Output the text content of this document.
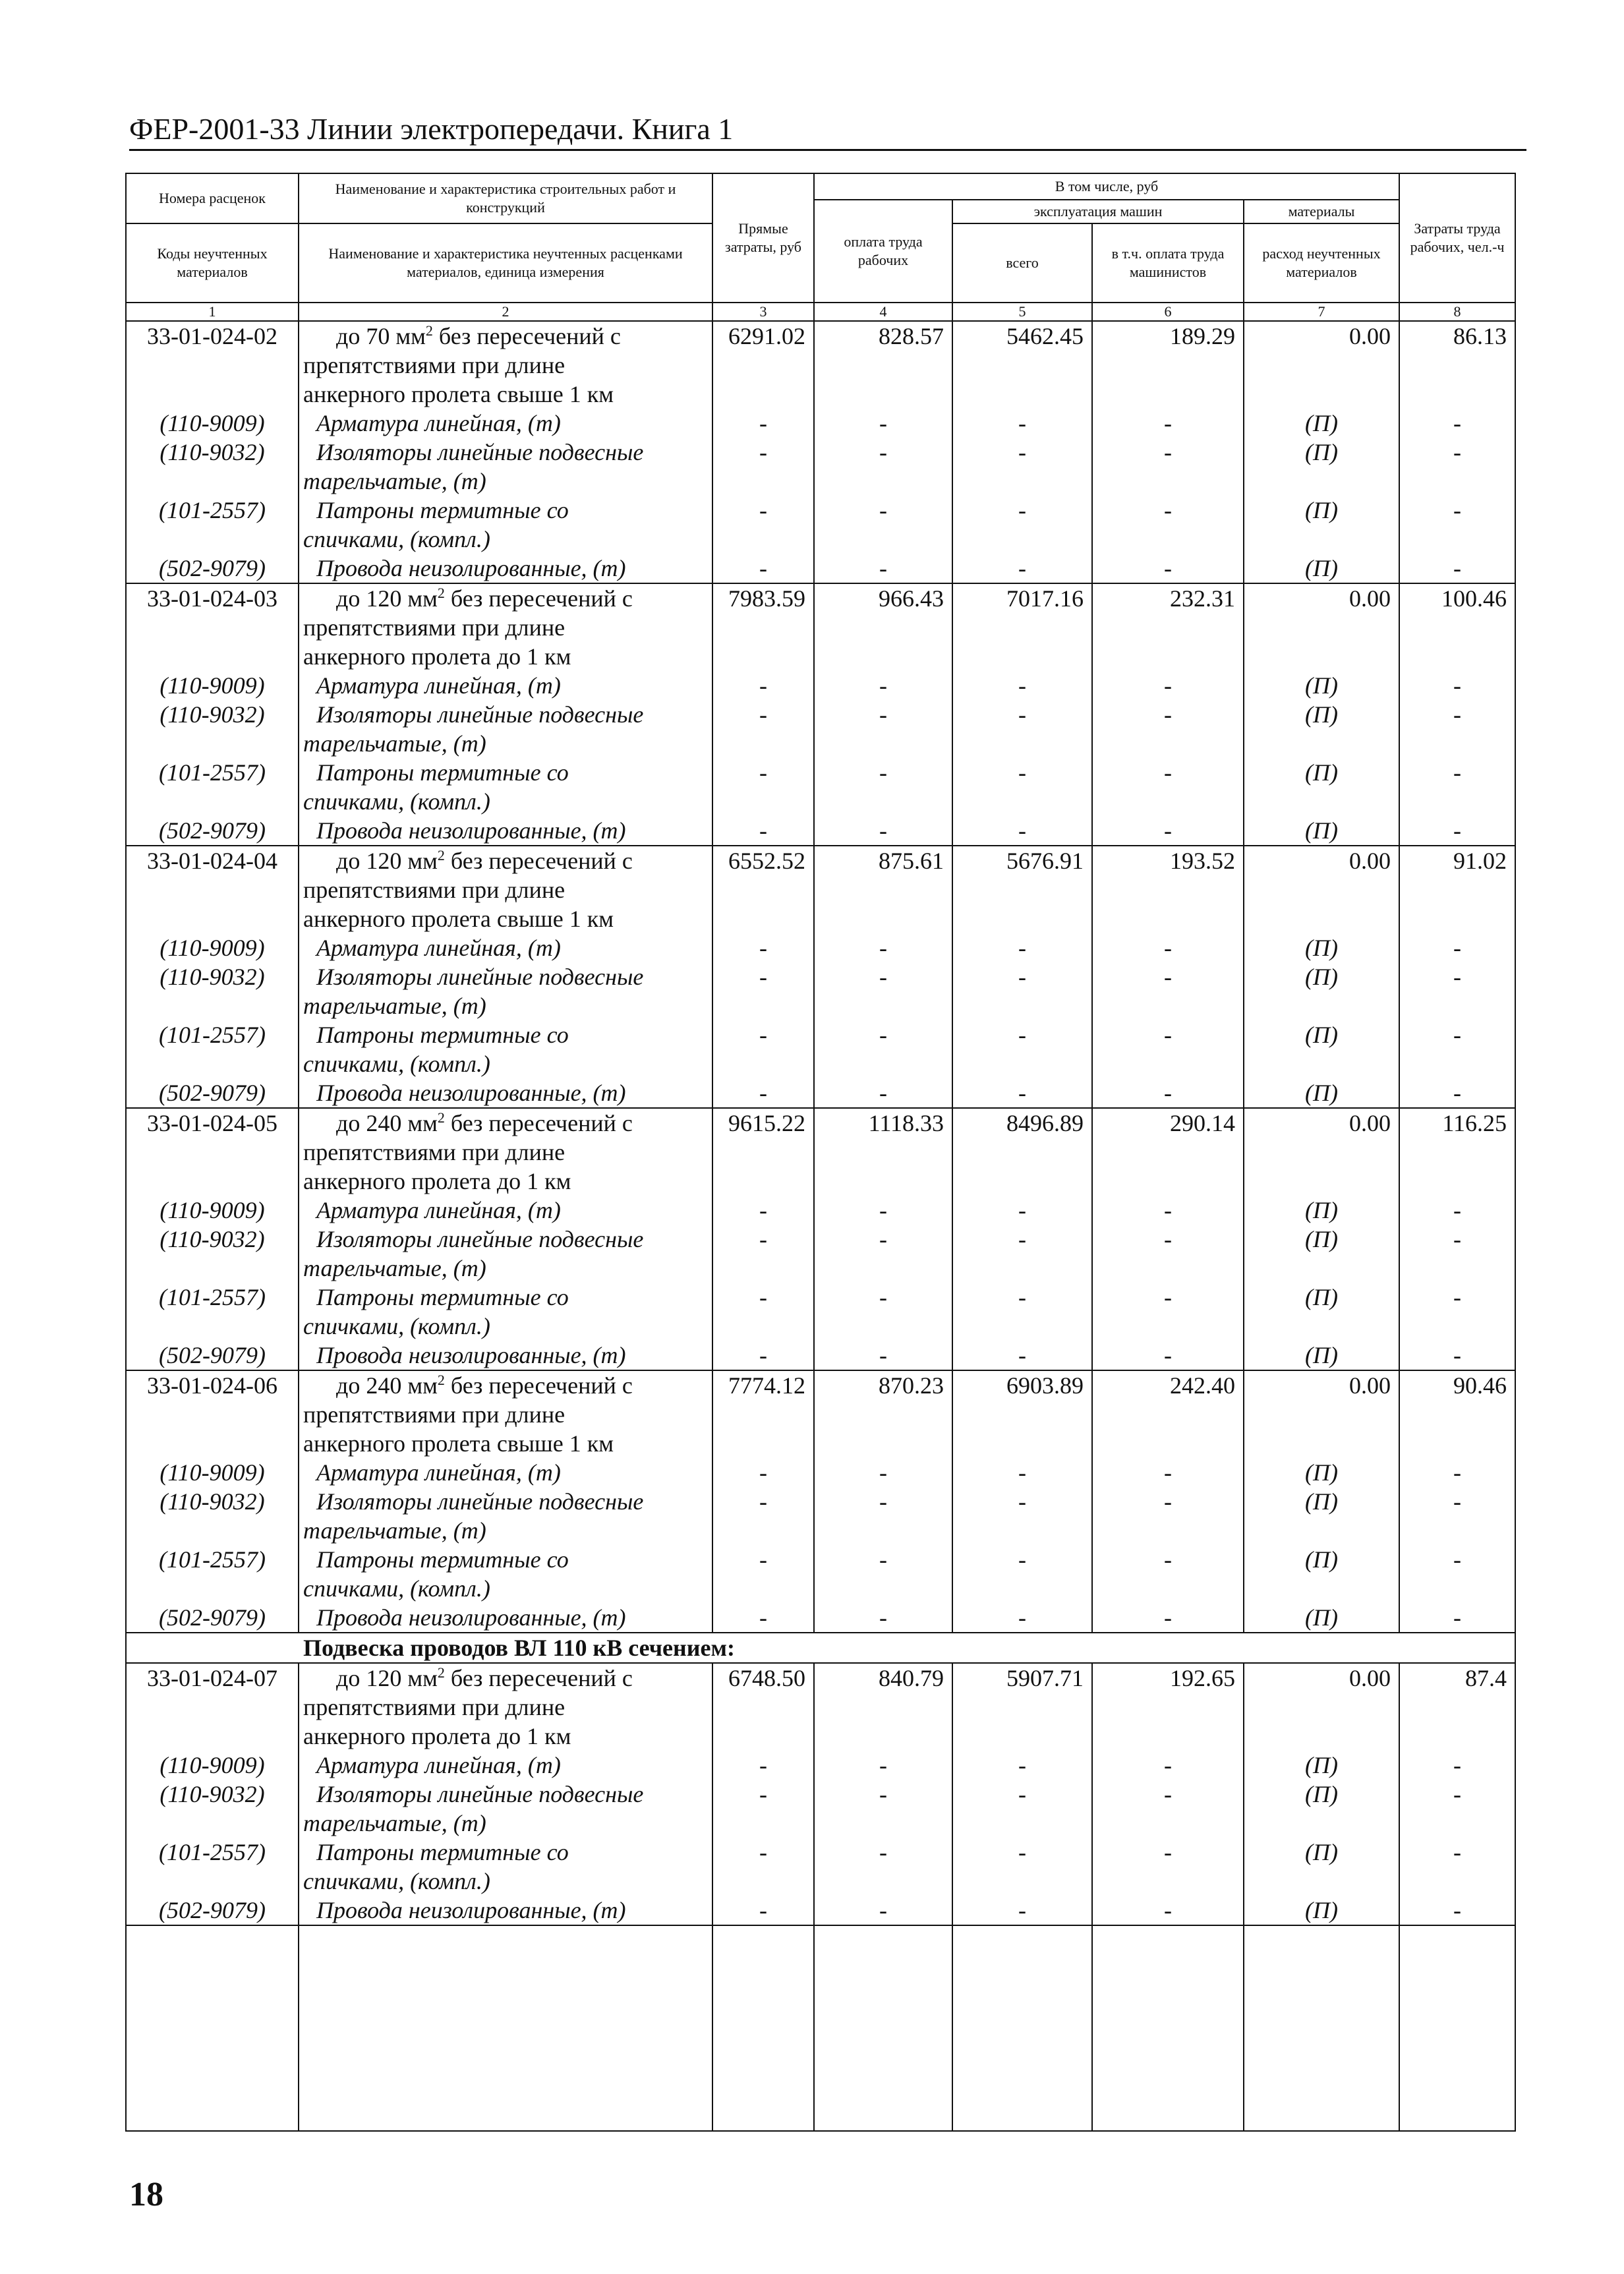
ФЕР-2001-33 Линии электропередачи. Книга 1
Номера расценок	Наименование и характеристика строительных работ и конструкций	Прямые затраты, руб	В том числе, руб				Затраты труда рабочих, чел.-ч
			оплата труда рабочих	эксплуатация машин		материалы	
Коды неучтенных материалов	Наименование и характеристика неучтенных расценками материалов, единица измерения			всего	в т.ч. оплата труда машинистов	расход неучтенных материалов	

1	2	3	4	5	6	7	8
33-01-024-02	до 70 $мм^2$ без пересечений с
препятствиями при длине
анкерного пролета свыше 1 км	6291.02	828.57	5462.45	189.29	0.00	86.13
(110-9009)	Арматура линейная, (т)	-	-	-	-	(П)	-
(110-9032)	Изоляторы линейные подвесные
тарельчатые, (т)	-	-	-	-	(П)	-
(101-2557)	Патроны термитные со
спичками, (компл.)	-	-	-	-	(П)	-
(502-9079)	Провода неизолированные, (т)	-	-	-	-	(П)	-
33-01-024-03	до 120 $мм^2$ без пересечений с
препятствиями при длине
анкерного пролета до 1 км	7983.59	966.43	7017.16	232.31	0.00	100.46
(110-9009)	Арматура линейная, (т)	-	-	-	-	(П)	-
(110-9032)	Изоляторы линейные подвесные
тарельчатые, (т)	-	-	-	-	(П)	-
(101-2557)	Патроны термитные со
спичками, (компл.)	-	-	-	-	(П)	-
(502-9079)	Провода неизолированные, (т)	-	-	-	-	(П)	-
33-01-024-04	до 120 $мм^2$ без пересечений с
препятствиями при длине
анкерного пролета свыше 1 км	6552.52	875.61	5676.91	193.52	0.00	91.02
(110-9009)	Арматура линейная, (т)	-	-	-	-	(П)	-
(110-9032)	Изоляторы линейные подвесные
тарельчатые, (т)	-	-	-	-	(П)	-
(101-2557)	Патроны термитные со
спичками, (компл.)	-	-	-	-	(П)	-
(502-9079)	Провода неизолированные, (т)	-	-	-	-	(П)	-
33-01-024-05	до 240 $мм^2$ без пересечений с
препятствиями при длине
анкерного пролета до 1 км	9615.22	1118.33	8496.89	290.14	0.00	116.25
(110-9009)	Арматура линейная, (т)	-	-	-	-	(П)	-
(110-9032)	Изоляторы линейные подвесные
тарельчатые, (т)	-	-	-	-	(П)	-
(101-2557)	Патроны термитные со
спичками, (компл.)	-	-	-	-	(П)	-
(502-9079)	Провода неизолированные, (т)	-	-	-	-	(П)	-
33-01-024-06	до 240 $мм^2$ без пересечений с
препятствиями при длине
анкерного пролета свыше 1 км	7774.12	870.23	6903.89	242.40	0.00	90.46
(110-9009)	Арматура линейная, (т)	-	-	-	-	(П)	-
(110-9032)	Изоляторы линейные подвесные
тарельчатые, (т)	-	-	-	-	(П)	-
(101-2557)	Патроны термитные со
спичками, (компл.)	-	-	-	-	(П)	-
(502-9079)	Провода неизолированные, (т)	-	-	-	-	(П)	-
Подвеска проводов ВЛ 110 кВ сечением:							
33-01-024-07	до 120 $мм^2$ без пересечений с
препятствиями при длине
анкерного пролета до 1 км	6748.50	840.79	5907.71	192.65	0.00	87.4
(110-9009)	Арматура линейная, (т)	-	-	-	-	(П)	-
(110-9032)	Изоляторы линейные подвесные
тарельчатые, (т)	-	-	-	-	(П)	-
(101-2557)	Патроны термитные со
спичками, (компл.)	-	-	-	-	(П)	-
(502-9079)	Провода неизолированные, (т)	-	-	-	-	(П)	-

18
